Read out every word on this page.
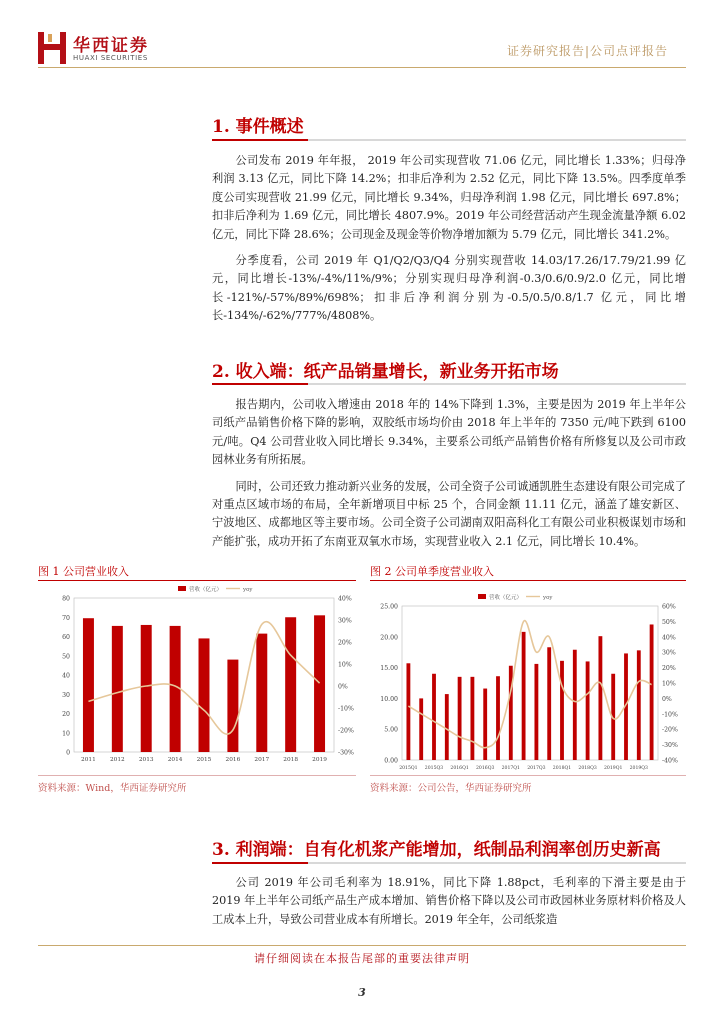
华西证券
HUAXI SECURITIES	证券研究报告|公司点评报告
1. 事件概述

公司发布 2019 年年报， 2019 年公司实现营收 71.06 亿元，同比增长 1.33%；归母净利润 3.13 亿元，同比下降 14.2%；扣非后净利为 2.52 亿元，同比下降 13.5%。四季度单季度公司实现营收 21.99 亿元，同比增长 9.34%，归母净利润 1.98 亿元，同比增长 697.8%；扣非后净利为 1.69 亿元，同比增长 4807.9%。2019 年公司经营活动产生现金流量净额 6.02 亿元，同比下降 28.6%；公司现金及现金等价物净增加额为 5.79 亿元，同比增长 341.2%。

分季度看，公司 2019 年 Q1/Q2/Q3/Q4 分别实现营收 14.03/17.26/17.79/21.99 亿元，同比增长-13%/-4%/11%/9%；分别实现归母净利润-0.3/0.6/0.9/2.0 亿元，同比增长-121%/-57%/89%/698%；扣非后净利润分别为-0.5/0.5/0.8/1.7 亿元，同比增长-134%/-62%/777%/4808%。

2. 收入端：纸产品销量增长，新业务开拓市场

报告期内，公司收入增速由 2018 年的 14%下降到 1.3%，主要是因为 2019 年上半年公司纸产品销售价格下降的影响，双胶纸市场均价由 2018 年上半年的 7350 元/吨下跌到 6100 元/吨。Q4 公司营业收入同比增长 9.34%，主要系公司纸产品销售价格有所修复以及公司市政园林业务有所拓展。

同时，公司还致力推动新兴业务的发展，公司全资子公司诚通凯胜生态建设有限公司完成了对重点区域市场的布局，全年新增项目中标 25 个，合同金额 11.11 亿元，涵盖了雄安新区、宁波地区、成都地区等主要市场。公司全资子公司湖南双阳高科化工有限公司业积极谋划市场和产能扩张，成功开拓了东南亚双氧水市场，实现营业收入 2.1 亿元，同比增长 10.4%。

图 1 公司营业收入	图 2 公司单季度营业收入
0
10
20
30
40
50
60
70
80
-30%
-20%
-10%
0%
10%
20%
30%
40%
2011 2012 2013 2014 2015 2016 2017 2018 2019
营收（亿元）	yoy
0.00
5.00
10.00
15.00
20.00
25.00
-40%
-30%
-20%
-10%
0%
10%
20%
30%
40%
50%
60%
2015Q1 2015Q3 2016Q1 2016Q3 2017Q1 2017Q3 2018Q1 2018Q3 2019Q1 2019Q3
营收（亿元）	yoy
资料来源：Wind，华西证券研究所	资料来源：公司公告，华西证券研究所
3. 利润端：自有化机浆产能增加，纸制品利润率创历史新高

公司 2019 年公司毛利率为 18.91%，同比下降 1.88pct，毛利率的下滑主要是由于 2019 年上半年公司纸产品生产成本增加、销售价格下降以及公司市政园林业务原材料价格及人工成本上升，导致公司营业成本有所增长。2019 年全年，公司纸浆造

请仔细阅读在本报告尾部的重要法律声明
3
